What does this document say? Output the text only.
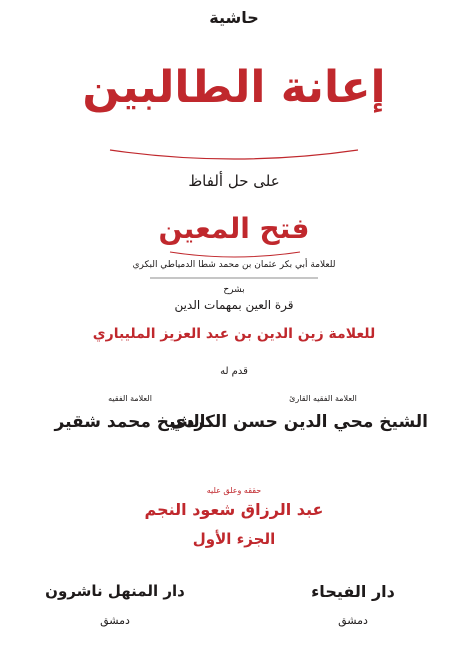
حاشية
إعانة الطالبين
على حل ألفاظ
فتح المعين
للعلامة أبي بكر عثمان بن محمد شطا الدمياطي البكري
بشرح
قرة العين بمهمات الدين
للعلامة زين الدين بن عبد العزيز المليباري
قدم له
العلامة الفقيه القارئ
الشيخ محي الدين حسن الكردي
العلامة الفقيه
الشيخ محمد شقير
حققه وعلق عليه
عبد الرزاق شعود النجم
الجزء الأول
دار الفيحاء
دمشق
دار المنهل ناشرون
دمشق
